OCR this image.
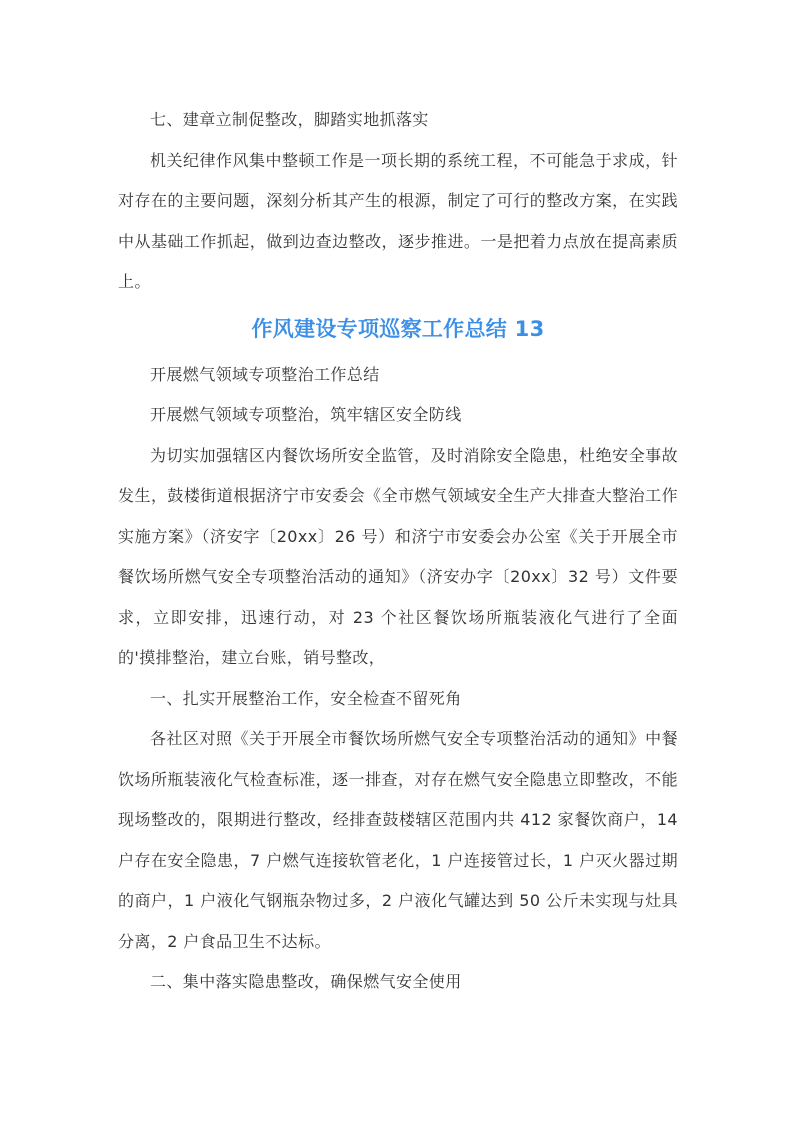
七、建章立制促整改，脚踏实地抓落实

机关纪律作风集中整顿工作是一项长期的系统工程，不可能急于求成，针对存在的主要问题，深刻分析其产生的根源，制定了可行的整改方案，在实践中从基础工作抓起，做到边查边整改，逐步推进。一是把着力点放在提高素质上。

作风建设专项巡察工作总结 13

开展燃气领域专项整治工作总结

开展燃气领域专项整治，筑牢辖区安全防线

为切实加强辖区内餐饮场所安全监管，及时消除安全隐患，杜绝安全事故发生，鼓楼街道根据济宁市安委会《全市燃气领域安全生产大排查大整治工作实施方案》（济安字〔20xx〕26 号）和济宁市安委会办公室《关于开展全市餐饮场所燃气安全专项整治活动的通知》（济安办字〔20xx〕32 号）文件要求，立即安排，迅速行动，对 23 个社区餐饮场所瓶装液化气进行了全面的'摸排整治，建立台账，销号整改，

一、扎实开展整治工作，安全检查不留死角

各社区对照《关于开展全市餐饮场所燃气安全专项整治活动的通知》中餐饮场所瓶装液化气检查标准，逐一排查，对存在燃气安全隐患立即整改，不能现场整改的，限期进行整改，经排查鼓楼辖区范围内共 412 家餐饮商户，14 户存在安全隐患，7 户燃气连接软管老化，1 户连接管过长，1 户灭火器过期的商户，1 户液化气钢瓶杂物过多，2 户液化气罐达到 50 公斤未实现与灶具分离，2 户食品卫生不达标。

二、集中落实隐患整改，确保燃气安全使用
